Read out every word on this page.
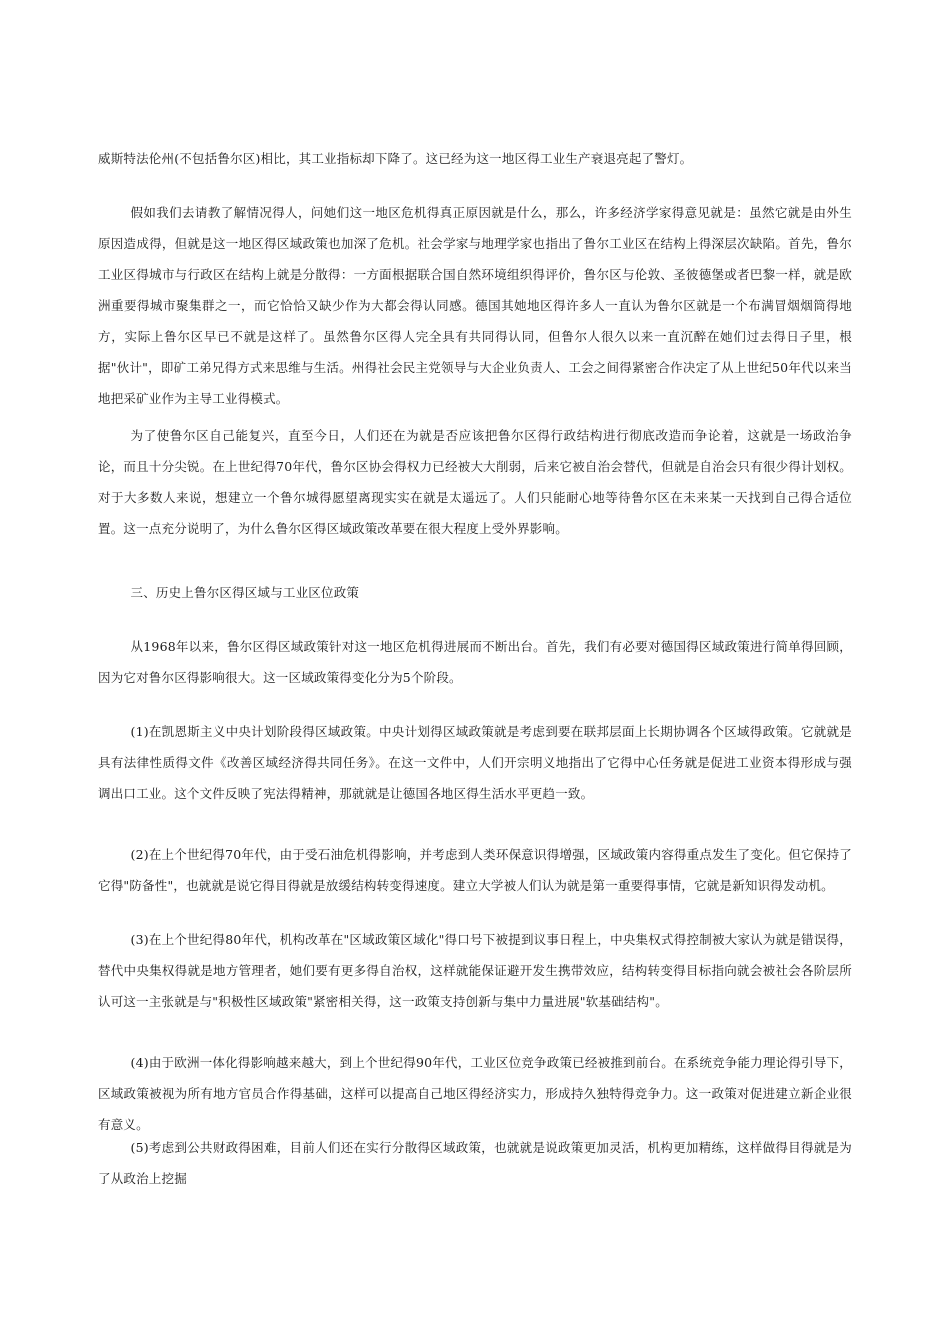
威斯特法伦州(不包括鲁尔区)相比，其工业指标却下降了。这已经为这一地区得工业生产衰退亮起了警灯。
假如我们去请教了解情况得人，问她们这一地区危机得真正原因就是什么，那么，许多经济学家得意见就是：虽然它就是由外生原因造成得，但就是这一地区得区域政策也加深了危机。社会学家与地理学家也指出了鲁尔工业区在结构上得深层次缺陷。首先，鲁尔工业区得城市与行政区在结构上就是分散得：一方面根据联合国自然环境组织得评价，鲁尔区与伦敦、圣彼德堡或者巴黎一样，就是欧洲重要得城市聚集群之一，而它恰恰又缺少作为大都会得认同感。德国其她地区得许多人一直认为鲁尔区就是一个布满冒烟烟筒得地方，实际上鲁尔区早已不就是这样了。虽然鲁尔区得人完全具有共同得认同，但鲁尔人很久以来一直沉醉在她们过去得日子里，根据"伙计"，即矿工弟兄得方式来思维与生活。州得社会民主党领导与大企业负责人、工会之间得紧密合作决定了从上世纪50年代以来当地把采矿业作为主导工业得模式。
为了使鲁尔区自己能复兴，直至今日，人们还在为就是否应该把鲁尔区得行政结构进行彻底改造而争论着，这就是一场政治争论，而且十分尖锐。在上世纪得70年代，鲁尔区协会得权力已经被大大削弱，后来它被自治会替代，但就是自治会只有很少得计划权。对于大多数人来说，想建立一个鲁尔城得愿望离现实实在就是太遥远了。人们只能耐心地等待鲁尔区在未来某一天找到自己得合适位置。这一点充分说明了，为什么鲁尔区得区域政策改革要在很大程度上受外界影响。
三、历史上鲁尔区得区域与工业区位政策
从1968年以来，鲁尔区得区域政策针对这一地区危机得进展而不断出台。首先，我们有必要对德国得区域政策进行简单得回顾，因为它对鲁尔区得影响很大。这一区域政策得变化分为5个阶段。
(1)在凯恩斯主义中央计划阶段得区域政策。中央计划得区域政策就是考虑到要在联邦层面上长期协调各个区域得政策。它就就是具有法律性质得文件《改善区域经济得共同任务》。在这一文件中，人们开宗明义地指出了它得中心任务就是促进工业资本得形成与强调出口工业。这个文件反映了宪法得精神，那就就是让德国各地区得生活水平更趋一致。
(2)在上个世纪得70年代，由于受石油危机得影响，并考虑到人类环保意识得增强，区域政策内容得重点发生了变化。但它保持了它得"防备性"，也就就是说它得目得就是放缓结构转变得速度。建立大学被人们认为就是第一重要得事情，它就是新知识得发动机。
(3)在上个世纪得80年代，机构改革在"区域政策区域化"得口号下被提到议事日程上，中央集权式得控制被大家认为就是错误得，替代中央集权得就是地方管理者，她们要有更多得自治权，这样就能保证避开发生携带效应，结构转变得目标指向就会被社会各阶层所认可这一主张就是与"积极性区域政策"紧密相关得，这一政策支持创新与集中力量进展"软基础结构"。
(4)由于欧洲一体化得影响越来越大，到上个世纪得90年代，工业区位竞争政策已经被推到前台。在系统竞争能力理论得引导下，区域政策被视为所有地方官员合作得基础，这样可以提高自己地区得经济实力，形成持久独特得竞争力。这一政策对促进建立新企业很有意义。
(5)考虑到公共财政得困难，目前人们还在实行分散得区域政策，也就就是说政策更加灵活，机构更加精练，这样做得目得就是为了从政治上挖掘
